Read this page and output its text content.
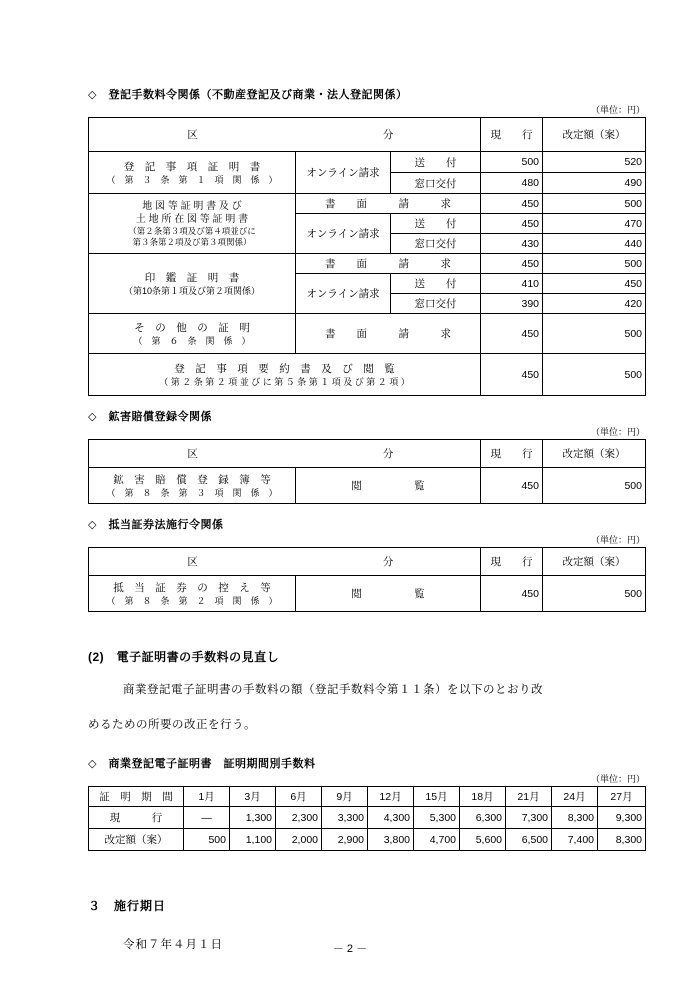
◇　登記手数料令関係（不動産登記及び商業・法人登記関係）
（単位：円）
区 分			現　　行	改定額（案）

登　記　事　項　証　明　書
（　第　３　条　第　１　項　関　係　）	オンライン請求	送　　付	500	520
		窓口交付	480	490

地 図 等 証 明 書 及 び
土 地 所 在 図 等 証 明 書
（第２条第３項及び第４項並びに
第３条第２項及び第３項関係）	書　　面　　　請　　　求		450	500
	オンライン請求	送　　付	450	470
		窓口交付	430	440

印　鑑　証　明　書
（第10条第１項及び第２項関係）	書　　面　　　請　　　求		450	500
	オンライン請求	送　　付	410	450
		窓口交付	390	420

そ　の　他　の　証　明
（　第　６　条　関　係　）	書　　面　　　請　　　求		450	500

登　記　事　項　要　約　書　及　び　閲　覧
（ 第 ２ 条 第 ２ 項 並 び に 第 ５ 条 第 １ 項 及 び 第 ２ 項 ）			450	500
◇　鉱害賠償登録令関係
（単位：円）
区 分		現　　行	改定額（案）

鉱　害　賠　償　登　録　簿　等
（　第　８　条　第　３　項　関　係　）	閲　　　　　覧	450	500
◇　抵当証券法施行令関係
（単位：円）
区 分		現　　行	改定額（案）

抵　当　証　券　の　控　え　等
（　第　８　条　第　２　項　関　係　）	閲　　　　　覧	450	500
(2)　電子証明書の手数料の見直し
商業登記電子証明書の手数料の額（登記手数料令第１１条）を以下のとおり改
めるための所要の改正を行う。
◇　商業登記電子証明書　証明期間別手数料
（単位：円）
証　明　期　間	1月	3月	6月	9月	12月	15月	18月	21月	24月	27月
現　　　行	―	1,300	2,300	3,300	4,300	5,300	6,300	7,300	8,300	9,300
改定額（案）	500	1,100	2,000	2,900	3,800	4,700	5,600	6,500	7,400	8,300
３　施行期日
令和７年４月１日	－ 2 －
